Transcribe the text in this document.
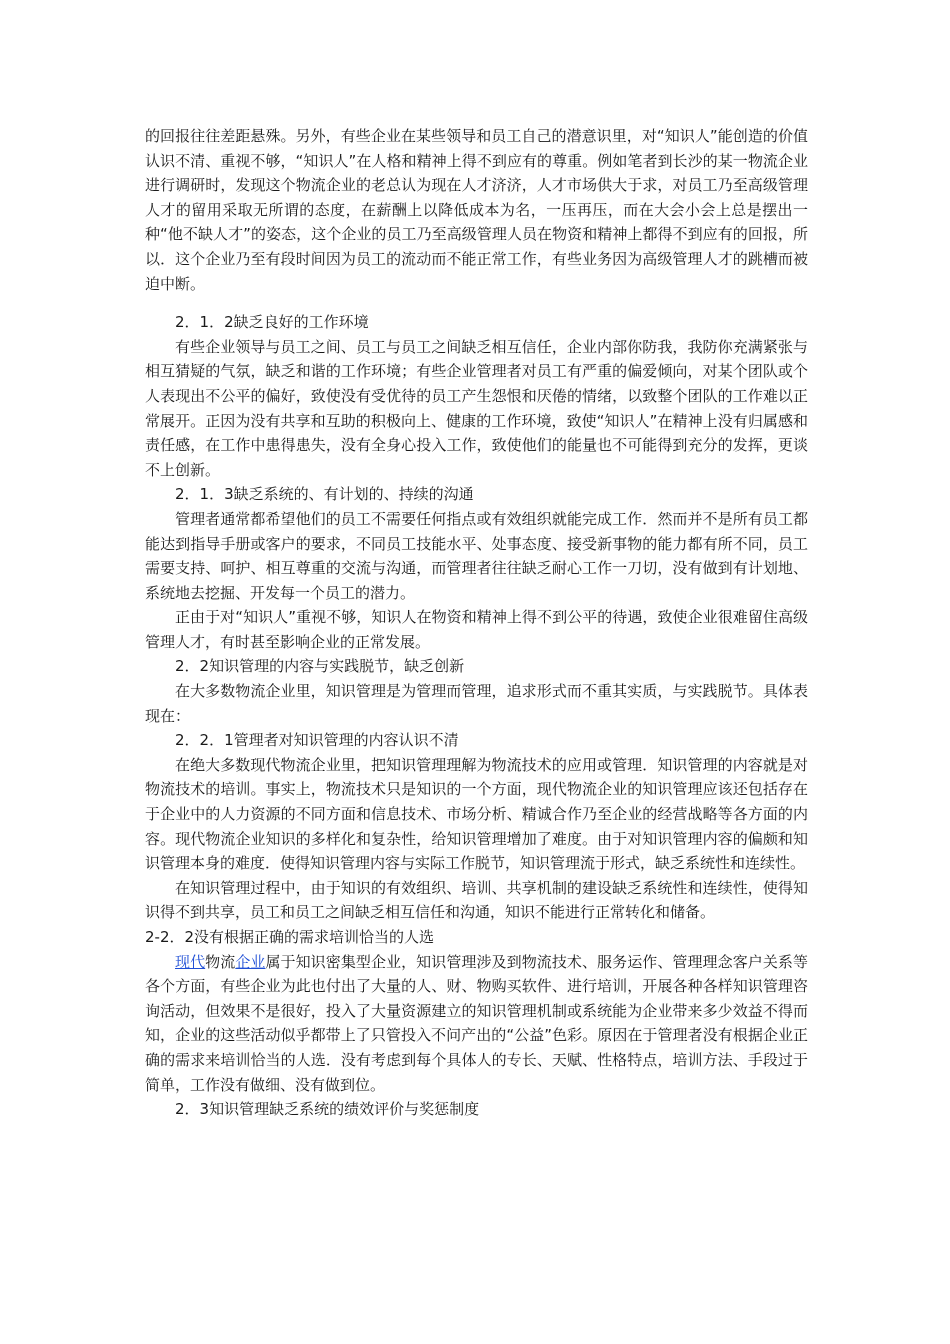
的回报往往差距悬殊。另外，有些企业在某些领导和员工自己的潜意识里，对“知识人”能创造的价值认识不清、重视不够，“知识人”在人格和精神上得不到应有的尊重。例如笔者到长沙的某一物流企业进行调研时，发现这个物流企业的老总认为现在人才济济，人才市场供大于求，对员工乃至高级管理人才的留用采取无所谓的态度，在薪酬上以降低成本为名，一压再压，而在大会小会上总是摆出一种“他不缺人才”的姿态，这个企业的员工乃至高级管理人员在物资和精神上都得不到应有的回报，所以．这个企业乃至有段时间因为员工的流动而不能正常工作，有些业务因为高级管理人才的跳槽而被迫中断。

2．1．2缺乏良好的工作环境

有些企业领导与员工之间、员工与员工之间缺乏相互信任，企业内部你防我，我防你充满紧张与相互猜疑的气氛，缺乏和谐的工作环境；有些企业管理者对员工有严重的偏爱倾向，对某个团队或个人表现出不公平的偏好，致使没有受优待的员工产生怨恨和厌倦的情绪，以致整个团队的工作难以正常展开。正因为没有共享和互助的积极向上、健康的工作环境，致使“知识人”在精神上没有归属感和责任感，在工作中患得患失，没有全身心投入工作，致使他们的能量也不可能得到充分的发挥，更谈不上创新。

2．1．3缺乏系统的、有计划的、持续的沟通

管理者通常都希望他们的员工不需要任何指点或有效组织就能完成工作．然而并不是所有员工都能达到指导手册或客户的要求，不同员工技能水平、处事态度、接受新事物的能力都有所不同，员工需要支持、呵护、相互尊重的交流与沟通，而管理者往往缺乏耐心工作一刀切，没有做到有计划地、系统地去挖掘、开发每一个员工的潜力。

正由于对“知识人”重视不够，知识人在物资和精神上得不到公平的待遇，致使企业很难留住高级管理人才，有时甚至影响企业的正常发展。

2．2知识管理的内容与实践脱节，缺乏创新

在大多数物流企业里，知识管理是为管理而管理，追求形式而不重其实质，与实践脱节。具体表现在：

2．2．1管理者对知识管理的内容认识不清

在绝大多数现代物流企业里，把知识管理理解为物流技术的应用或管理．知识管理的内容就是对物流技术的培训。事实上，物流技术只是知识的一个方面，现代物流企业的知识管理应该还包括存在于企业中的人力资源的不同方面和信息技术、市场分析、精诚合作乃至企业的经营战略等各方面的内容。现代物流企业知识的多样化和复杂性，给知识管理增加了难度。由于对知识管理内容的偏颇和知识管理本身的难度．使得知识管理内容与实际工作脱节，知识管理流于形式，缺乏系统性和连续性。

在知识管理过程中，由于知识的有效组织、培训、共享机制的建设缺乏系统性和连续性，使得知识得不到共享，员工和员工之间缺乏相互信任和沟通，知识不能进行正常转化和储备。

2-2．2没有根据正确的需求培训恰当的人选

现代物流企业属于知识密集型企业，知识管理涉及到物流技术、服务运作、管理理念客户关系等各个方面，有些企业为此也付出了大量的人、财、物购买软件、进行培训，开展各种各样知识管理咨询活动，但效果不是很好，投入了大量资源建立的知识管理机制或系统能为企业带来多少效益不得而知，企业的这些活动似乎都带上了只管投入不问产出的“公益”色彩。原因在于管理者没有根据企业正确的需求来培训恰当的人选．没有考虑到每个具体人的专长、天赋、性格特点，培训方法、手段过于简单，工作没有做细、没有做到位。

2．3知识管理缺乏系统的绩效评价与奖惩制度
